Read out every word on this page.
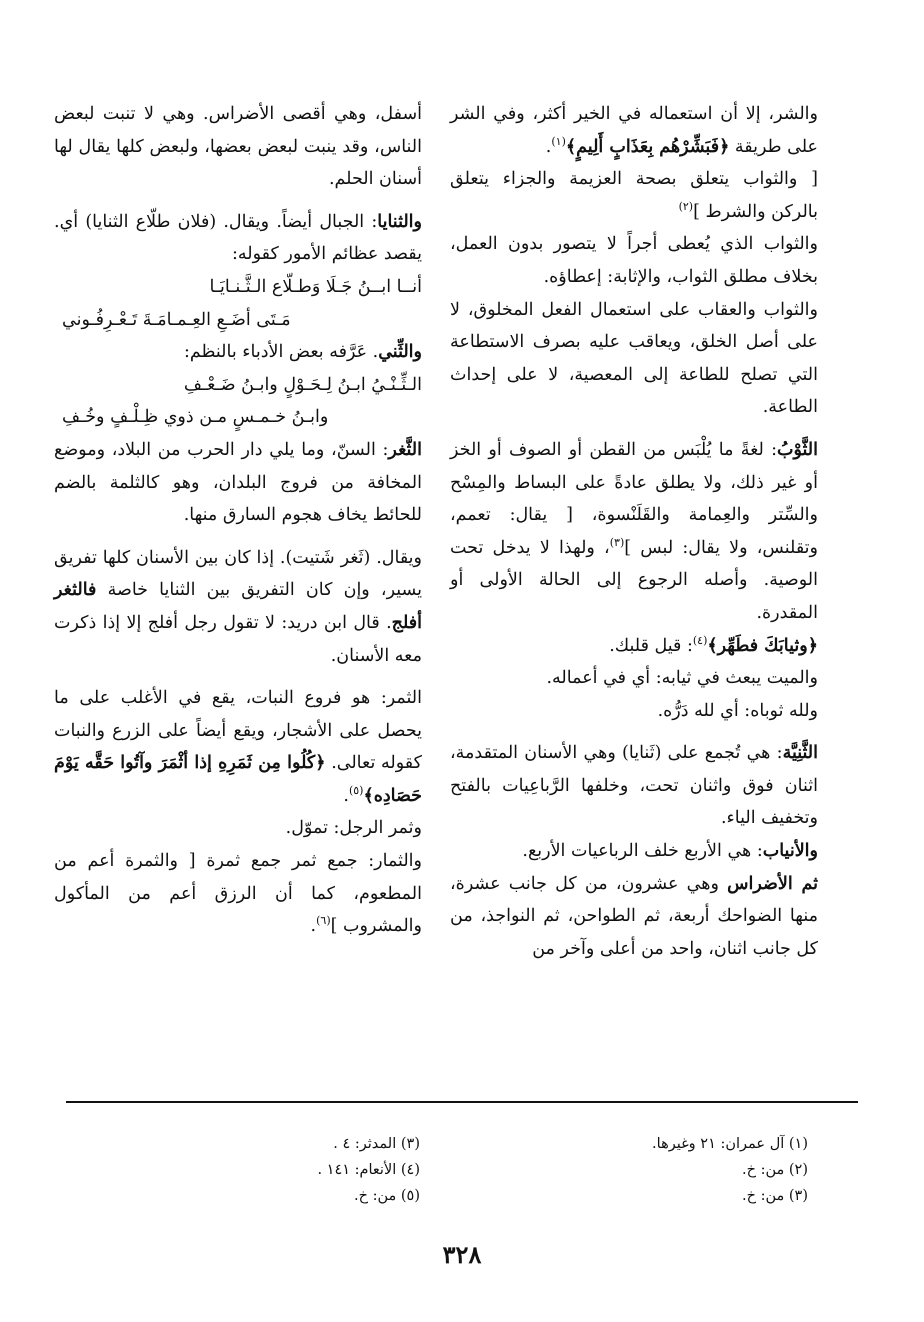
والشر، إلا أن استعماله في الخير أكثر، وفي الشر على طريقة ﴿فَبَشِّرْهُم بِعَذَابٍ أَلِيمٍ﴾$^{(١)}$.

[ والثواب يتعلق بصحة العزيمة والجزاء يتعلق بالركن والشرط ]$^{(٢)}$

والثواب الذي يُعطى أجراً لا يتصور بدون العمل، بخلاف مطلق الثواب، والإثابة: إعطاؤه.

والثواب والعقاب على استعمال الفعل المخلوق، لا على أصل الخلق، ويعاقب عليه بصرف الاستطاعة التي تصلح للطاعة إلى المعصية، لا على إحداث الطاعة.

الثَّوْبُ: لغةً ما يُلْبَس من القطن أو الصوف أو الخز أو غير ذلك، ولا يطلق عادةً على البساط والمِسْح والسِّتر والعِمامة والقَلَنْسوة، [ يقال: تعمم، وتقلنس، ولا يقال: لبس ]$^{(٣)}$، ولهذا لا يدخل تحت الوصية. وأصله الرجوع إلى الحالة الأولى أو المقدرة.

﴿وثيابَكَ فطَهِّر﴾$^{(٤)}$: قيل قلبك.

والميت يبعث في ثيابه: أي في أعماله.

ولله ثوباه: أي لله دَرُّه.

الثَّنِيَّة: هي تُجمع على (ثَنايا) وهي الأسنان المتقدمة، اثنان فوق واثنان تحت، وخلفها الرَّباعِيات بالفتح وتخفيف الياء.

والأنياب: هي الأربع خلف الرباعيات الأربع.

ثم الأضراس وهي عشرون، من كل جانب عشرة، منها الضواحك أربعة، ثم الطواحن، ثم النواجذ، من كل جانب اثنان، واحد من أعلى وآخر من

أسفل، وهي أقصى الأضراس. وهي لا تنبت لبعض الناس، وقد ينبت لبعض بعضها، ولبعض كلها يقال لها أسنان الحلم.

والثنايا: الجبال أيضاً. ويقال. (فلان طلّاع الثنايا) أي. يقصد عظائم الأمور كقوله:

أنــا ابــنُ جَـلَا وَطـلّاع الـثَّـنـايَـا
مَـتَى أضَـعِ العِـمـامَـةَ تَـعْـرِفُـوني

والثِّني. عَرَّفه بعض الأدباء بالنظم:

الـثِّـنْـيُ ابـنُ لِـحَـوْلٍ وابـنُ ضَـعْـفِ
وابـنُ خـمـسٍ مـن ذوي ظِـلْـفٍ وخُـفِ

الثَّغر: السنّ، وما يلي دار الحرب من البلاد، وموضع المخافة من فروج البلدان، وهو كالثلمة بالضم للحائط يخاف هجوم السارق منها.

ويقال. (ثَغر شَتيت). إذا كان بين الأسنان كلها تفريق يسير، وإن كان التفريق بين الثنايا خاصة فالثغر أفلج. قال ابن دريد: لا تقول رجل أفلج إلا إذا ذكرت معه الأسنان.

الثمر: هو فروع النبات، يقع في الأغلب على ما يحصل على الأشجار، ويقع أيضاً على الزرع والنبات كقوله تعالى. ﴿كُلُوا مِن ثَمَرِهِ إذا أثْمَرَ وآتُوا حَقَّه يَوْمَ حَصَادِه﴾$^{(٥)}$.

وثمر الرجل: تموّل.

والثمار: جمع ثمر جمع ثمرة [ والثمرة أعم من المطعوم، كما أن الرزق أعم من المأكول والمشروب ]$^{(٦)}$.

(١) آل عمران: ٢١ وغيرها.
(٢) من: خ.
(٣) من: خ.
(٣) المدثر: ٤ .
(٤) الأنعام: ١٤١ .
(٥) من: خ.
٣٢٨
